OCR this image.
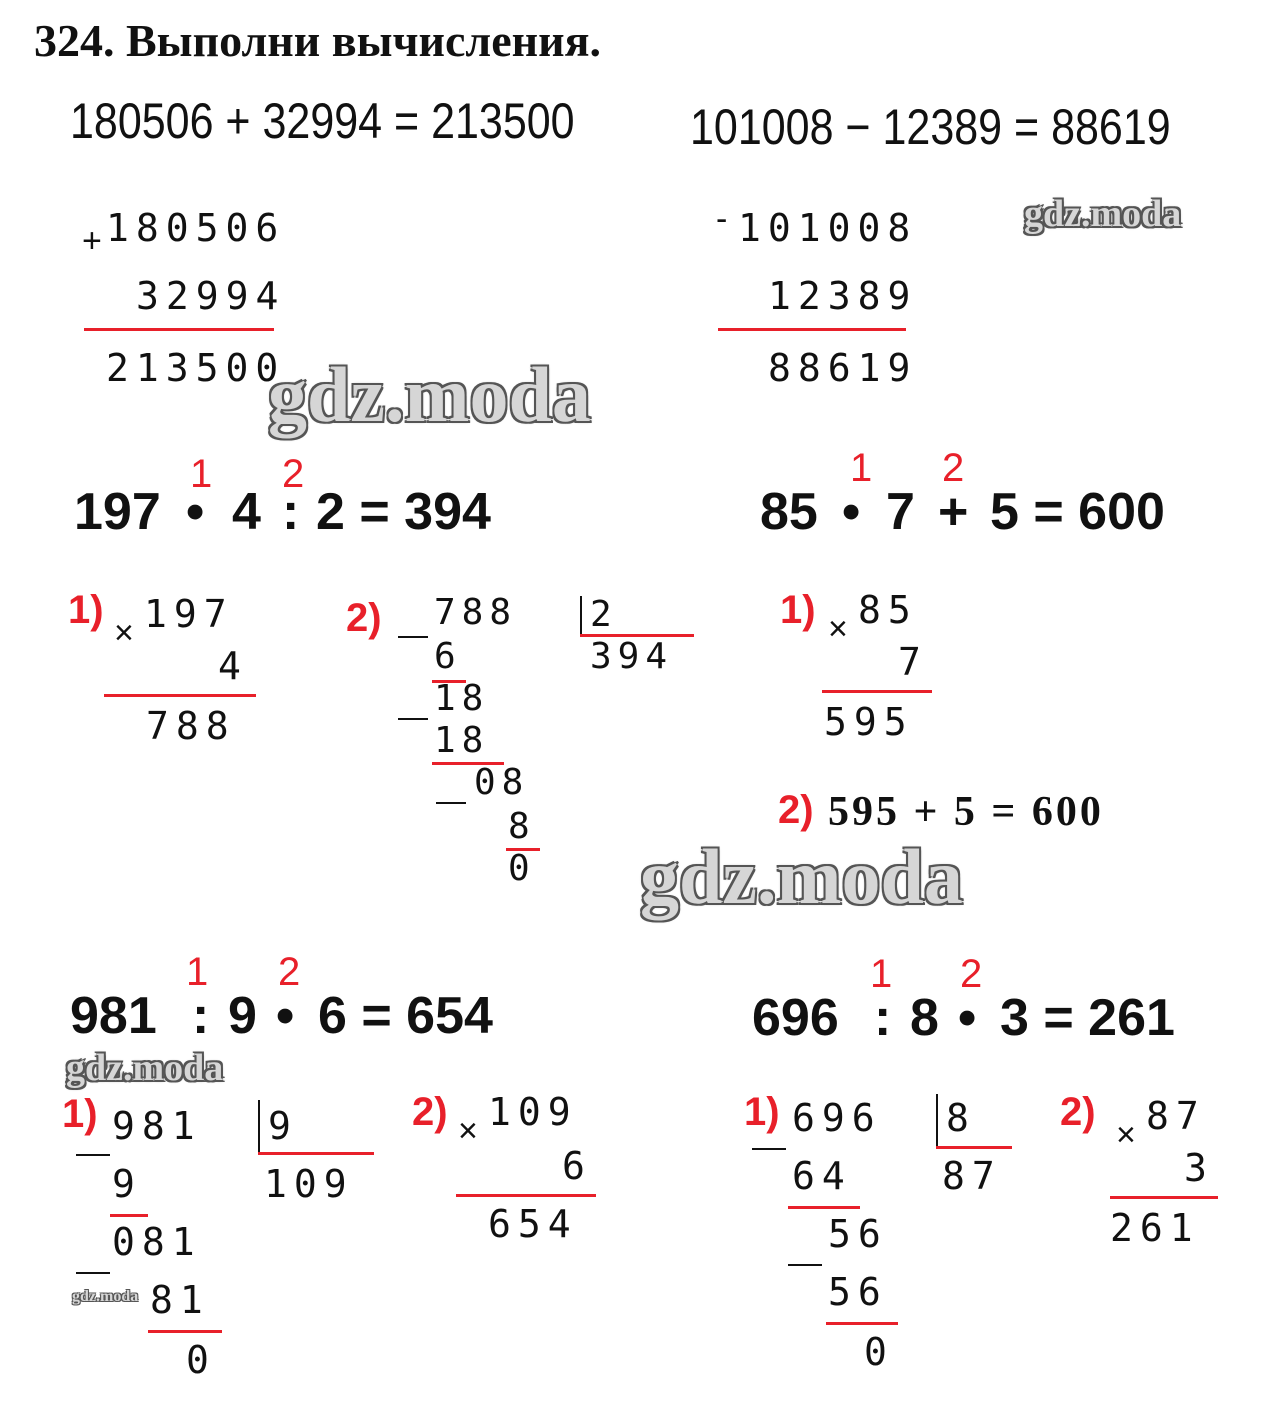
324. Выполни вычисления.
180506 + 32994 = 213500 101008 − 12389 = 88619
+ 180506
32994
213500
- 101008
12389
88619
gdz.moda
gdz.moda
gdz.moda
gdz.moda
gdz.moda
1 2
197 • 4 : 2 = 394
1)
× 197
4
788
2) 788 2
394
6
18
18
08
8
0
1 2
85 • 7 + 5 = 600
1) × 85
7
595
2) 595 + 5 = 600
1 2
981 : 9 • 6 = 654
1) 981 9
109
9
081
81
0
2) × 109
6
654
1 2
696 : 8 • 3 = 261
1) 696 8
87
64
56
56
0
2)
× 87
3
261
